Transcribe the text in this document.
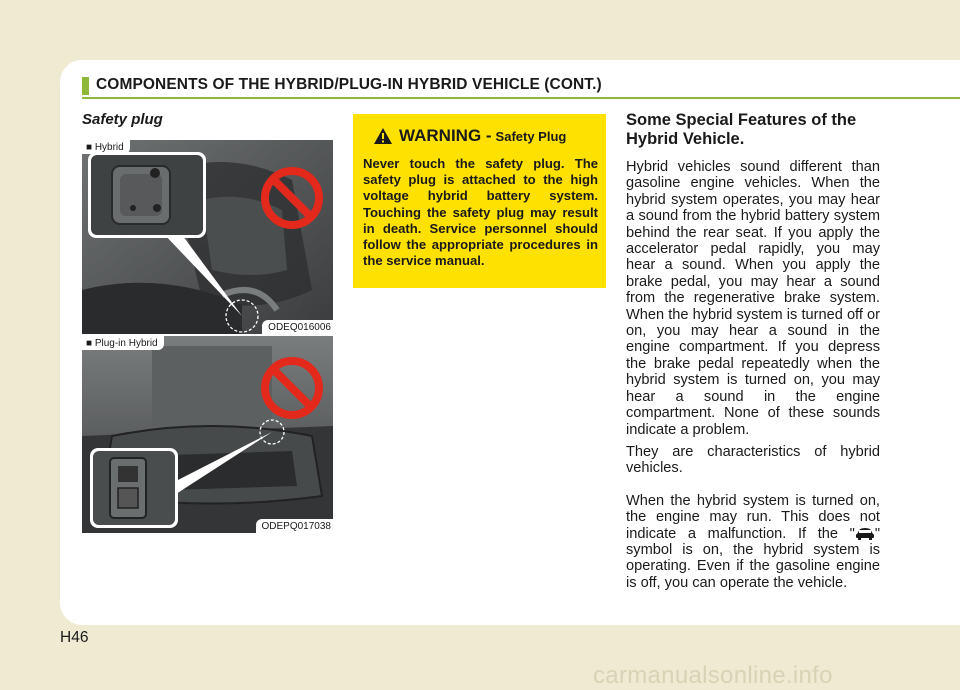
COMPONENTS OF THE HYBRID/PLUG-IN HYBRID VEHICLE (CONT.)
Safety plug
■ Hybrid
ODEQ016006
■ Plug-in Hybrid
ODEPQ017038
WARNING - Safety Plug
Never touch the safety plug. The safety plug is attached to the high voltage hybrid battery system. Touching the safety plug may result in death. Service personnel should follow the appropriate procedures in the service manual.
Some Special Features of the Hybrid Vehicle.

Hybrid vehicles sound different than gasoline engine vehicles. When the hybrid system operates, you may hear a sound from the hybrid battery system behind the rear seat. If you apply the accelerator pedal rapidly, you may hear a sound. When you apply the brake pedal, you may hear a sound from the regenerative brake system. When the hybrid system is turned off or on, you may hear a sound in the engine compartment. If you depress the brake pedal repeatedly when the hybrid system is turned on, you may hear a sound in the engine compartment. None of these sounds indicate a problem.

They are characteristics of hybrid vehicles.

When the hybrid system is turned on, the engine may run. This does not indicate a malfunction. If the " " symbol is on, the hybrid system is operating. Even if the gasoline engine is off, you can operate the vehicle.

H46
carmanualsonline.info
